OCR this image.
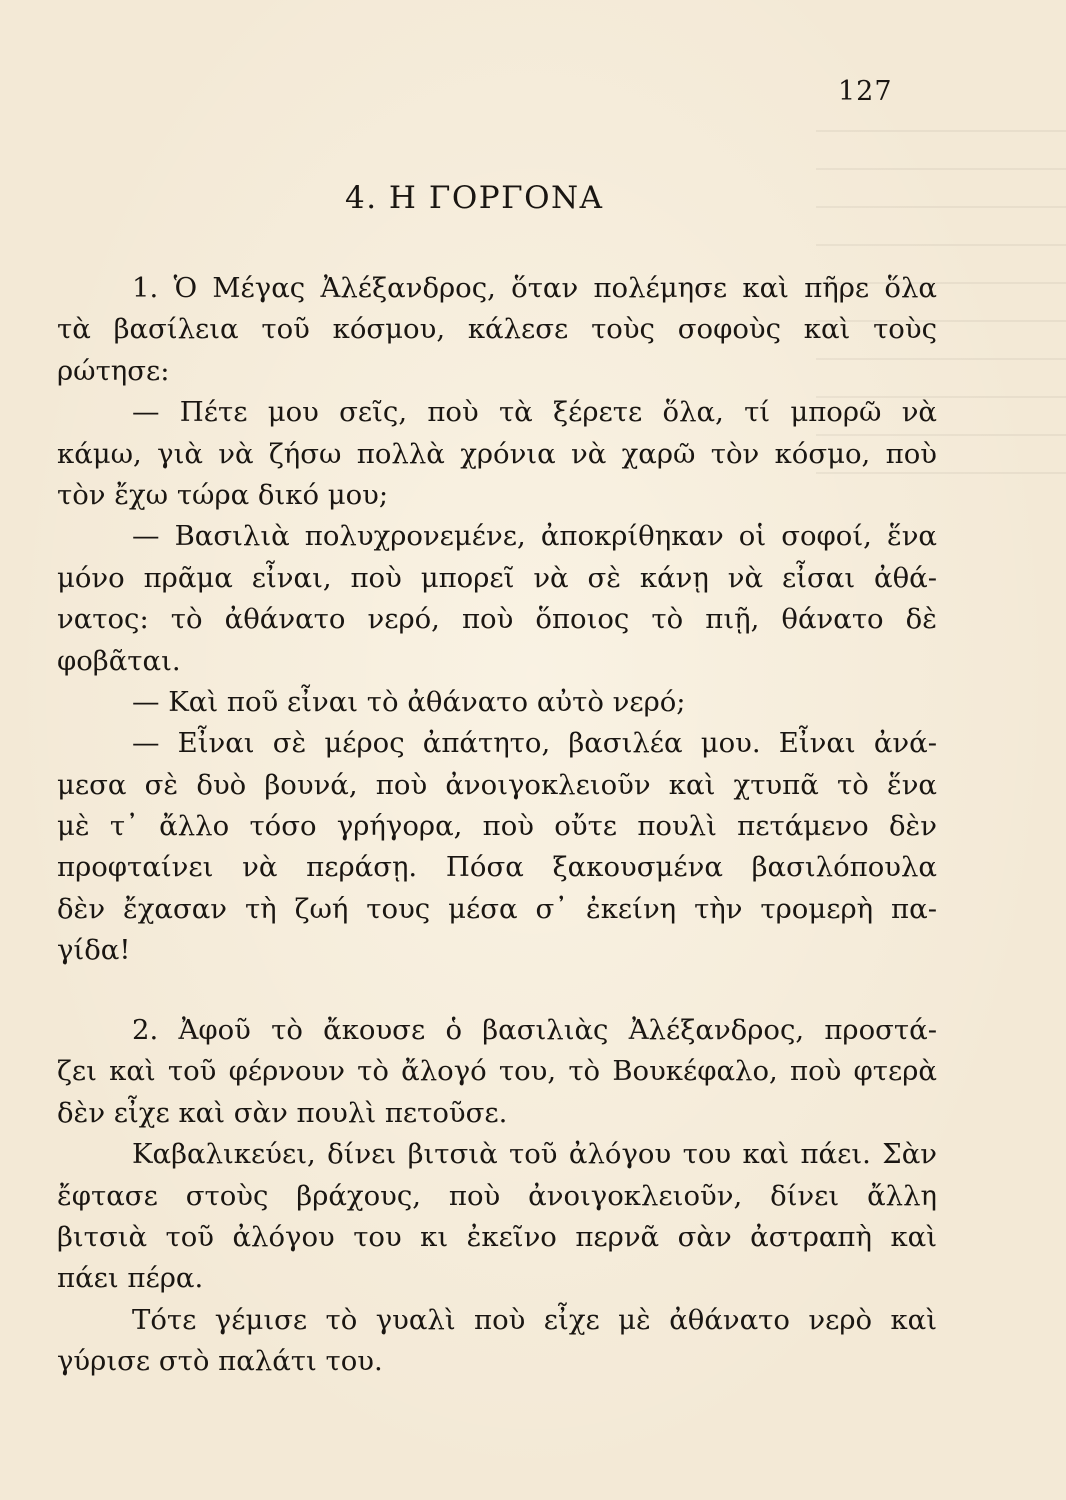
127
4. Η ΓΟΡΓΟΝΑ
1. Ὁ Μέγας Ἀλέξανδρος, ὅταν πολέμησε καὶ πῆρε ὅλα
τὰ βασίλεια τοῦ κόσμου, κάλεσε τοὺς σοφοὺς καὶ τοὺς
ρώτησε:
— Πέτε μου σεῖς, ποὺ τὰ ξέρετε ὅλα, τί μπορῶ νὰ
κάμω, γιὰ νὰ ζήσω πολλὰ χρόνια νὰ χαρῶ τὸν κόσμο, ποὺ
τὸν ἔχω τώρα δικό μου;
— Βασιλιὰ πολυχρονεμένε, ἀποκρίθηκαν οἱ σοφοί, ἕνα
μόνο πρᾶμα εἶναι, ποὺ μπορεῖ νὰ σὲ κάνῃ νὰ εἶσαι ἀθά-
νατος: τὸ ἀθάνατο νερό, ποὺ ὅποιος τὸ πιῇ, θάνατο δὲ
φοβᾶται.
— Καὶ ποῦ εἶναι τὸ ἀθάνατο αὐτὸ νερό;
— Εἶναι σὲ μέρος ἀπάτητο, βασιλέα μου. Εἶναι ἀνά-
μεσα σὲ δυὸ βουνά, ποὺ ἀνοιγοκλειοῦν καὶ χτυπᾶ τὸ ἕνα
μὲ τ᾿ ἄλλο τόσο γρήγορα, ποὺ οὔτε πουλὶ πετάμενο δὲν
προφταίνει νὰ περάσῃ. Πόσα ξακουσμένα βασιλόπουλα
δὲν ἔχασαν τὴ ζωή τους μέσα σ᾿ ἐκείνη τὴν τρομερὴ πα-
γίδα!
2. Ἀφοῦ τὸ ἄκουσε ὁ βασιλιὰς Ἀλέξανδρος, προστά-
ζει καὶ τοῦ φέρνουν τὸ ἄλογό του, τὸ Βουκέφαλο, ποὺ φτερὰ
δὲν εἶχε καὶ σὰν πουλὶ πετοῦσε.
Καβαλικεύει, δίνει βιτσιὰ τοῦ ἀλόγου του καὶ πάει. Σὰν
ἔφτασε στοὺς βράχους, ποὺ ἀνοιγοκλειοῦν, δίνει ἄλλη
βιτσιὰ τοῦ ἀλόγου του κι ἐκεῖνο περνᾶ σὰν ἀστραπὴ καὶ
πάει πέρα.
Τότε γέμισε τὸ γυαλὶ ποὺ εἶχε μὲ ἀθάνατο νερὸ καὶ
γύρισε στὸ παλάτι του.
